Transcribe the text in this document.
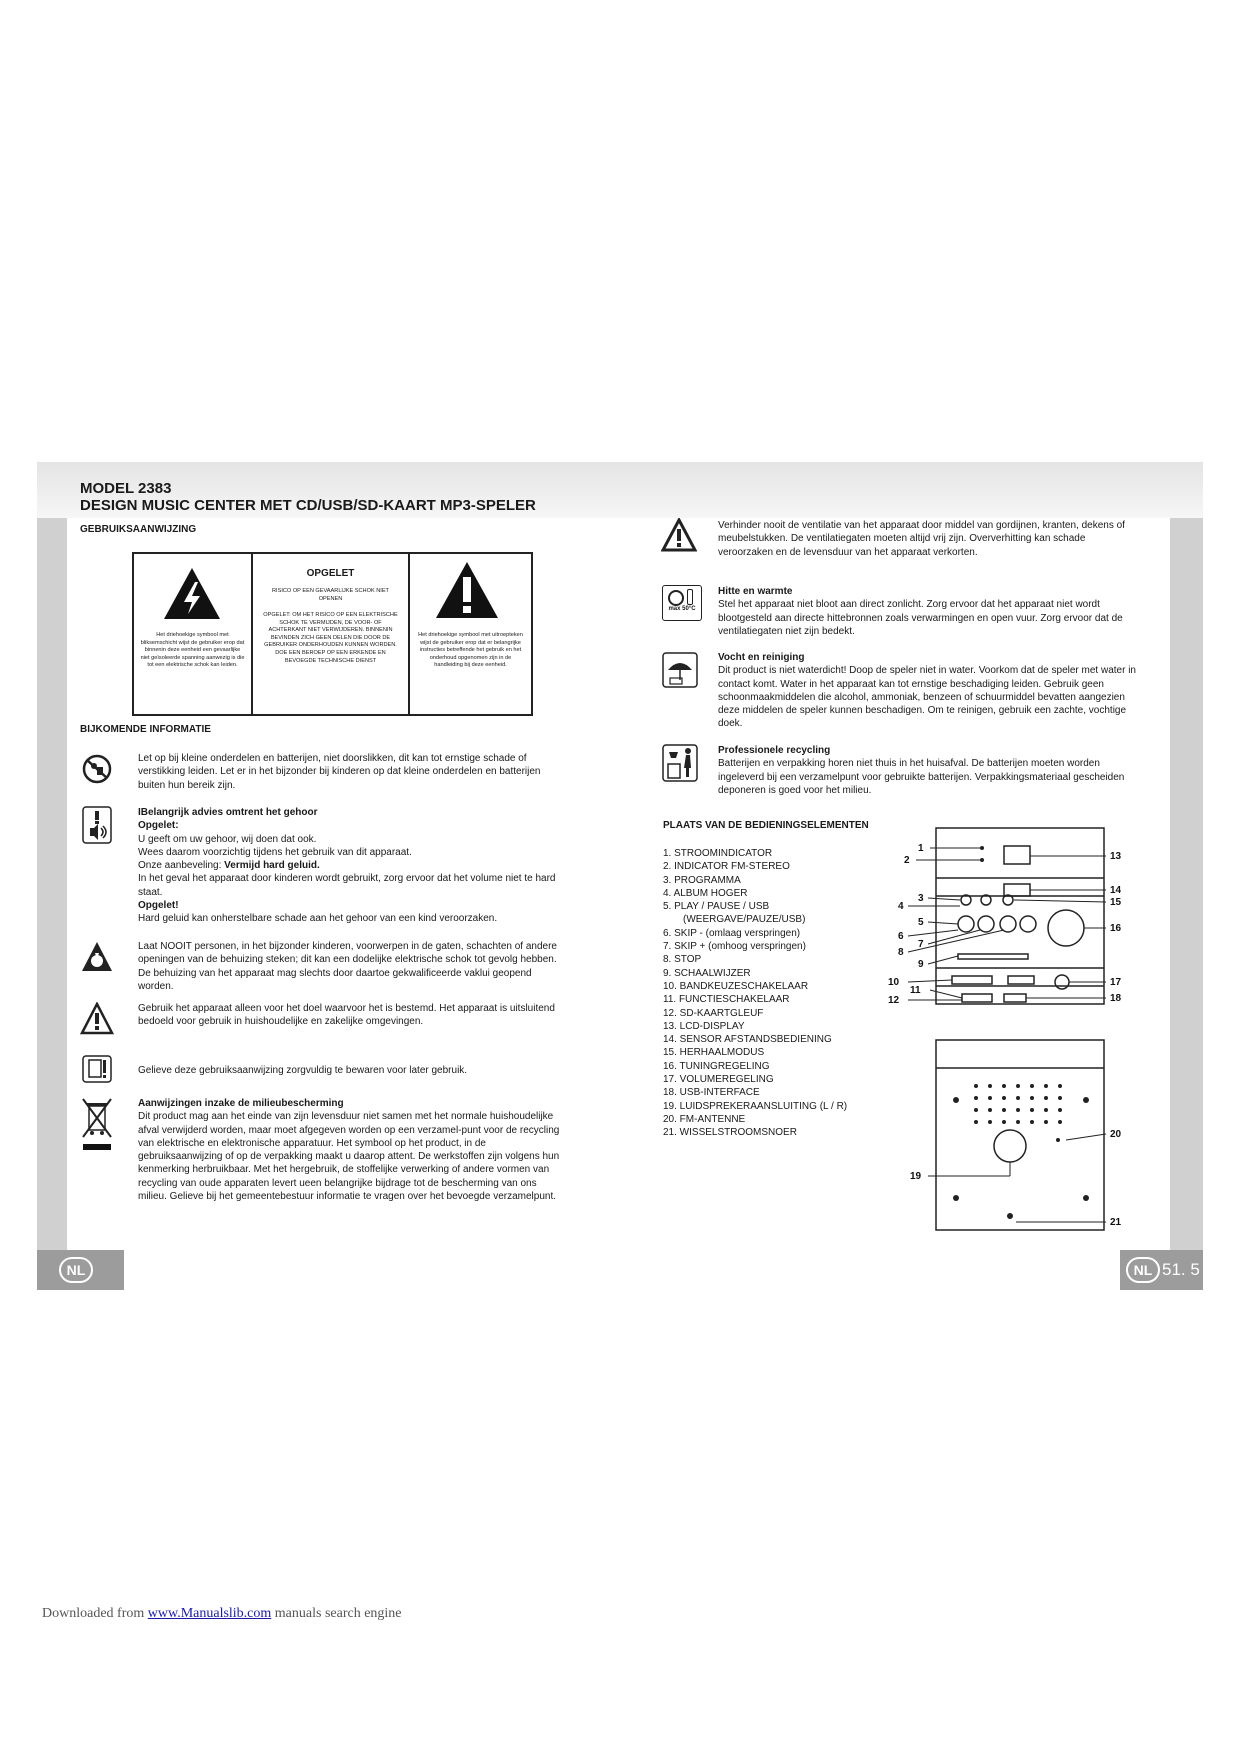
NL	NL 51. 5
MODEL 2383
DESIGN MUSIC CENTER MET CD/USB/SD-KAART MP3-SPELER
GEBRUIKSAANWIJZING
Het driehoekige symbool met bliksemschicht wijst de gebruiker erop dat binnenin deze eenheid een gevaarlijke niet geïsoleerde spanning aanwezig is die tot een elektrische schok kan leiden.
OPGELET
RISICO OP EEN GEVAARLIJKE SCHOK NIET OPENEN
OPGELET: OM HET RISICO OP EEN ELEKTRISCHE SCHOK TE VERMIJDEN, DE VOOR- OF ACHTERKANT NIET VERWIJDEREN. BINNENIN BEVINDEN ZICH GEEN DELEN DIE DOOR DE GEBRUIKER ONDERHOUDEN KUNNEN WORDEN. DOE EEN BEROEP OP EEN ERKENDE EN BEVOEGDE TECHNISCHE DIENST
Het driehoekige symbool met uitroepteken wijst de gebruiker erop dat er belangrijke instructies betreffende het gebruik en het onderhoud opgenomen zijn in de handleiding bij deze eenheid.
BIJKOMENDE INFORMATIE
Let op bij kleine onderdelen en batterijen, niet doorslikken, dit kan tot ernstige schade of verstikking leiden. Let er in het bijzonder bij kinderen op dat kleine onderdelen en batterijen buiten hun bereik zijn.
IBelangrijk advies omtrent het gehoor
Opgelet:
U geeft om uw gehoor, wij doen dat ook.
Wees daarom voorzichtig tijdens het gebruik van dit apparaat.
Onze aanbeveling: Vermijd hard geluid.
In het geval het apparaat door kinderen wordt gebruikt, zorg ervoor dat het volume niet te hard staat.
Opgelet!
Hard geluid kan onherstelbare schade aan het gehoor van een kind veroorzaken.
Laat NOOIT personen, in het bijzonder kinderen, voorwerpen in de gaten, schachten of andere openingen van de behuizing steken; dit kan een dodelijke elektrische schok tot gevolg hebben. De behuizing van het apparaat mag slechts door daartoe gekwalificeerde vaklui geopend worden.
Gebruik het apparaat alleen voor het doel waarvoor het is bestemd. Het apparaat is uitsluitend bedoeld voor gebruik in huishoudelijke en zakelijke omgevingen.
Gelieve deze gebruiksaanwijzing zorgvuldig te bewaren voor later gebruik.
Aanwijzingen inzake de milieubescherming
Dit product mag aan het einde van zijn levensduur niet samen met het normale huishoudelijke afval verwijderd worden, maar moet afgegeven worden op een verzamel-punt voor de recycling van elektrische en elektronische apparatuur. Het symbool op het product, in de gebruiksaanwijzing of op de verpakking maakt u daarop attent. De werkstoffen zijn volgens hun kenmerking herbruikbaar. Met het hergebruik, de stoffelijke verwerking of andere vormen van recycling van oude apparaten levert ueen belangrijke bijdrage tot de bescherming van ons milieu. Gelieve bij het gemeentebestuur informatie te vragen over het bevoegde verzamelpunt.
Verhinder nooit de ventilatie van het apparaat door middel van gordijnen, kranten, dekens of meubelstukken. De ventilatiegaten moeten altijd vrij zijn. Oververhitting kan schade veroorzaken en de levensduur van het apparaat verkorten.
max 50°C
Hitte en warmte
Stel het apparaat niet bloot aan direct zonlicht. Zorg ervoor dat het apparaat niet wordt blootgesteld aan directe hittebronnen zoals verwarmingen en open vuur. Zorg ervoor dat de ventilatiegaten niet zijn bedekt.
Vocht en reiniging
Dit product is niet waterdicht! Doop de speler niet in water. Voorkom dat de speler met water in contact komt. Water in het apparaat kan tot ernstige beschadiging leiden. Gebruik geen schoonmaakmiddelen die alcohol, ammoniak, benzeen of schuurmiddel bevatten aangezien deze middelen de speler kunnen beschadigen. Om te reinigen, gebruik een zachte, vochtige doek.
Professionele recycling
Batterijen en verpakking horen niet thuis in het huisafval. De batterijen moeten worden ingeleverd bij een verzamelpunt voor gebruikte batterijen. Verpakkingsmateriaal gescheiden deponeren is goed voor het milieu.
PLAATS VAN DE BEDIENINGSELEMENTEN
1. STROOMINDICATOR
2. INDICATOR FM-STEREO
3. PROGRAMMA
4. ALBUM HOGER
5. PLAY / PAUSE / USB
(WEERGAVE/PAUZE/USB)
6. SKIP - (omlaag verspringen)
7. SKIP + (omhoog verspringen)
8. STOP
9. SCHAALWIJZER
10. BANDKEUZESCHAKELAAR
11. FUNCTIESCHAKELAAR
12. SD-KAARTGLEUF
13. LCD-DISPLAY
14. SENSOR AFSTANDSBEDIENING
15. HERHAALMODUS
16. TUNINGREGELING
17. VOLUMEREGELING
18. USB-INTERFACE
19. LUIDSPREKERAANSLUITING (L / R)
20. FM-ANTENNE
21. WISSELSTROOMSNOER
1
2
3
4
5
6
7
8
9
10
11
12
13
14
15
16
17
18
19
20
21
Downloaded from www.Manualslib.com manuals search engine
